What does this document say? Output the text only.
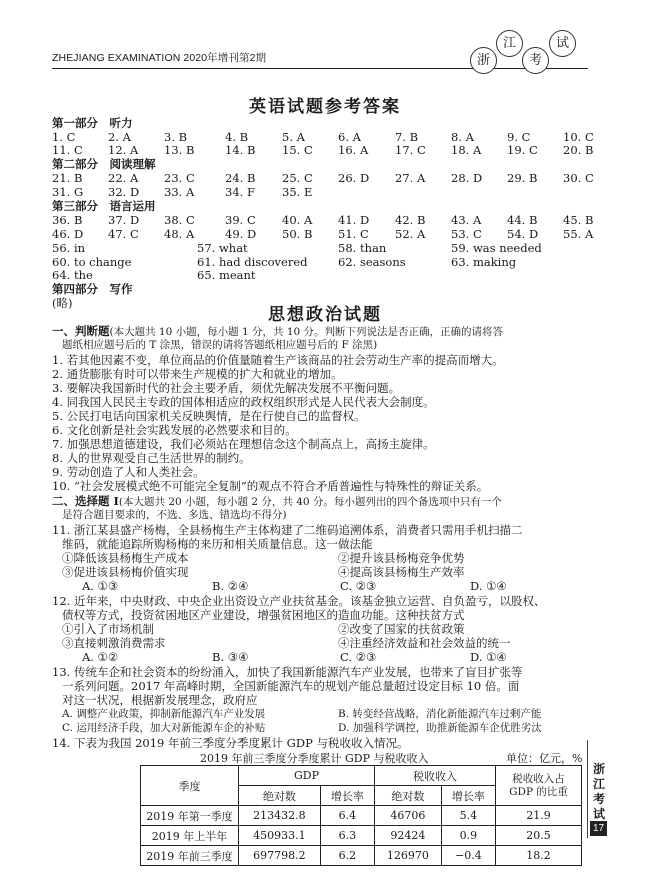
ZHEJIANG EXAMINATION 2020年增刊第2期	浙
江
考
试
英语试题参考答案
第一部分　听力
1. C	2. A	3. B	4. B	5. A	6. A	7. B	8. A	9. C	10. C
11. C 12. A 13. B	14. B 15. C 16. A 17. C 18. A 19. C 20. B
第二部分　阅读理解
21. B 22. A 23. C	24. B 25. C 26. D 27. A 28. D 29. B 30. C
31. G 32. D 33. A	34. F 35. E
第三部分　语言运用
36. B 37. D 38. C	39. C 40. A 41. D 42. B 43. A 44. B 45. B
46. D 47. C 48. A	49. D 50. B 51. C 52. A 53. C 54. D 55. A
56. in	57. what	58. than	59. was needed
60. to change	61. had discovered	62. seasons	63. making
64. the	65. meant
第四部分　写作
(略)
思想政治试题
一、判断题(本大题共 10 小题，每小题 1 分，共 10 分。判断下列说法是否正确，正确的请将答
题纸相应题号后的 T 涂黑，错误的请将答题纸相应题号后的 F 涂黑)
1. 若其他因素不变，单位商品的价值量随着生产该商品的社会劳动生产率的提高而增大。
2. 通货膨胀有时可以带来生产规模的扩大和就业的增加。
3. 要解决我国新时代的社会主要矛盾，须优先解决发展不平衡问题。
4. 同我国人民民主专政的国体相适应的政权组织形式是人民代表大会制度。
5. 公民打电话向国家机关反映舆情，是在行使自己的监督权。
6. 文化创新是社会实践发展的必然要求和目的。
7. 加强思想道德建设，我们必须站在理想信念这个制高点上，高扬主旋律。
8. 人的世界观受自己生活世界的制约。
9. 劳动创造了人和人类社会。
10. “社会发展模式绝不可能完全复制”的观点不符合矛盾普遍性与特殊性的辩证关系。
二、选择题 Ⅰ(本大题共 20 小题，每小题 2 分，共 40 分。每小题列出的四个备选项中只有一个
是符合题目要求的，不选、多选、错选均不得分)
11. 浙江某县盛产杨梅，全县杨梅生产主体构建了二维码追溯体系，消费者只需用手机扫描二
维码，就能追踪所购杨梅的来历和相关质量信息。这一做法能
①降低该县杨梅生产成本	②提升该县杨梅竞争优势
③促进该县杨梅价值实现	④提高该县杨梅生产效率
A. ①③	B. ②④	C. ②③	D. ①④
12. 近年来，中央财政、中央企业出资设立产业扶贫基金。该基金独立运营、自负盈亏，以股权、
债权等方式，投资贫困地区产业建设，增强贫困地区的造血功能。这种扶贫方式
①引入了市场机制	②改变了国家的扶贫政策
③直接刺激消费需求	④注重经济效益和社会效益的统一
A. ①②	B. ③④	C. ②③	D. ①④
13. 传统车企和社会资本的纷纷涌入，加快了我国新能源汽车产业发展，也带来了盲目扩张等
一系列问题。2017 年高峰时期，全国新能源汽车的规划产能总量超过设定目标 10 倍。面
对这一状况，根据新发展理念，政府应
A. 调整产业政策，抑制新能源汽车产业发展	B. 转变经营战略，消化新能源汽车过剩产能
C. 运用经济手段，加大对新能源车企的补贴	D. 加强科学调控，助推新能源车企优胜劣汰
14. 下表为我国 2019 年前三季度分季度累计 GDP 与税收收入情况。
2019 年前三季度分季度累计 GDP 与税收收入	单位：亿元，%
季度	GDP		税收收入		税收收入占
GDP 的比重
	绝对数	增长率	绝对数	增长率	
2019 年第一季度	213432.8	6.4	46706	5.4	21.9
2019 年上半年	450933.1	6.3	92424	0.9	20.5
2019 年前三季度	697798.2	6.2	126970	−0.4	18.2
浙江考试
17
